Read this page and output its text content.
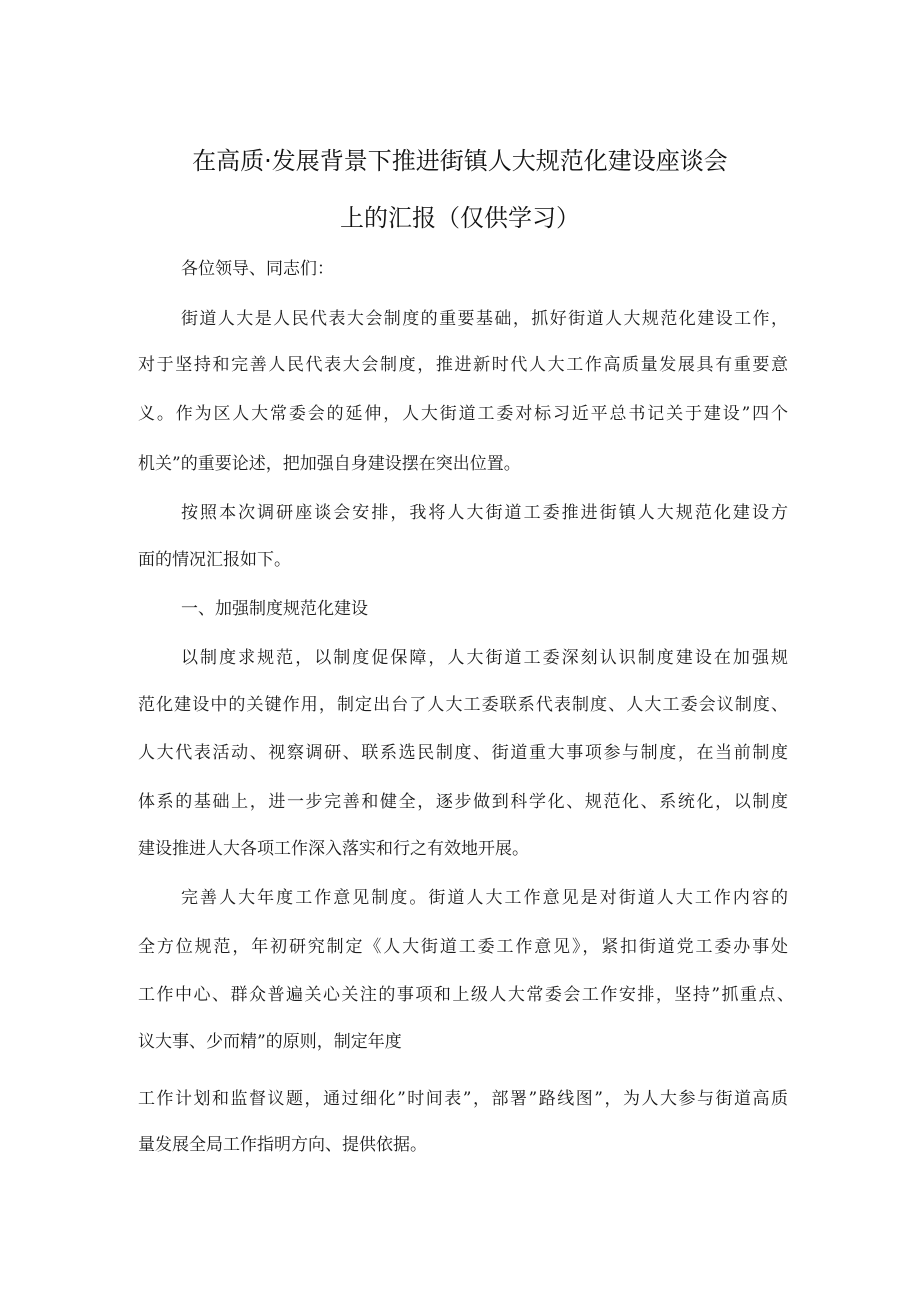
在高质·发展背景下推进街镇人大规范化建设座谈会
上的汇报（仅供学习）
各位领导、同志们：
街道人大是人民代表大会制度的重要基础，抓好街道人大规范化建设工作，
对于坚持和完善人民代表大会制度，推进新时代人大工作高质量发展具有重要意
义。作为区人大常委会的延伸，人大街道工委对标习近平总书记关于建设”四个
机关”的重要论述，把加强自身建设摆在突出位置。
按照本次调研座谈会安排，我将人大街道工委推进街镇人大规范化建设方
面的情况汇报如下。
一、加强制度规范化建设
以制度求规范，以制度促保障，人大街道工委深刻认识制度建设在加强规
范化建设中的关键作用，制定出台了人大工委联系代表制度、人大工委会议制度、
人大代表活动、视察调研、联系选民制度、街道重大事项参与制度，在当前制度
体系的基础上，进一步完善和健全，逐步做到科学化、规范化、系统化，以制度
建设推进人大各项工作深入落实和行之有效地开展。
完善人大年度工作意见制度。街道人大工作意见是对街道人大工作内容的
全方位规范，年初研究制定《人大街道工委工作意见》，紧扣街道党工委办事处
工作中心、群众普遍关心关注的事项和上级人大常委会工作安排，坚持”抓重点、
议大事、少而精”的原则，制定年度
工作计划和监督议题，通过细化”时间表”，部署”路线图”，为人大参与街道高质
量发展全局工作指明方向、提供依据。
